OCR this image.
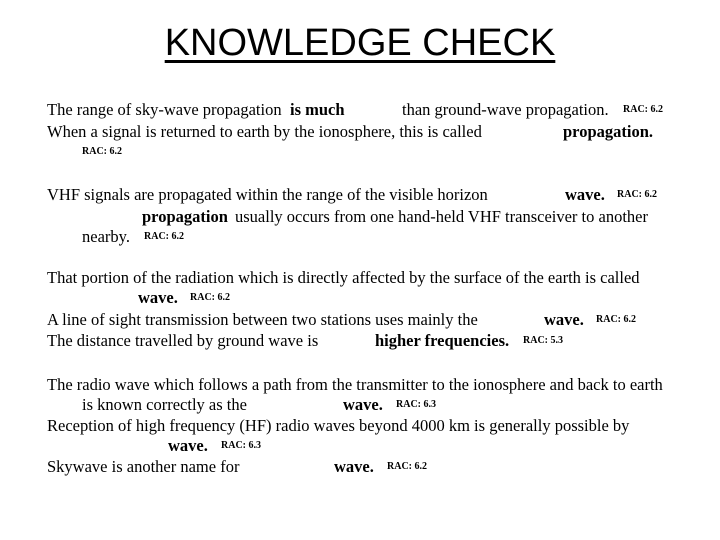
KNOWLEDGE CHECK
The range of sky-wave propagation is much	than ground-wave propagation. RAC: 6.2
When a signal is returned to earth by the ionosphere, this is called	propagation.
RAC: 6.2
VHF signals are propagated within the range of the visible horizon	wave. RAC: 6.2
propagation usually occurs from one hand-held VHF transceiver to another
nearby. RAC: 6.2
That portion of the radiation which is directly affected by the surface of the earth is called
wave. RAC: 6.2
A line of sight transmission between two stations uses mainly the	wave. RAC: 6.2
The distance travelled by ground wave is	higher frequencies. RAC: 5.3
The radio wave which follows a path from the transmitter to the ionosphere and back to earth
is known correctly as the	wave. RAC: 6.3
Reception of high frequency (HF) radio waves beyond 4000 km is generally possible by
wave. RAC: 6.3
Skywave is another name for	wave. RAC: 6.2
